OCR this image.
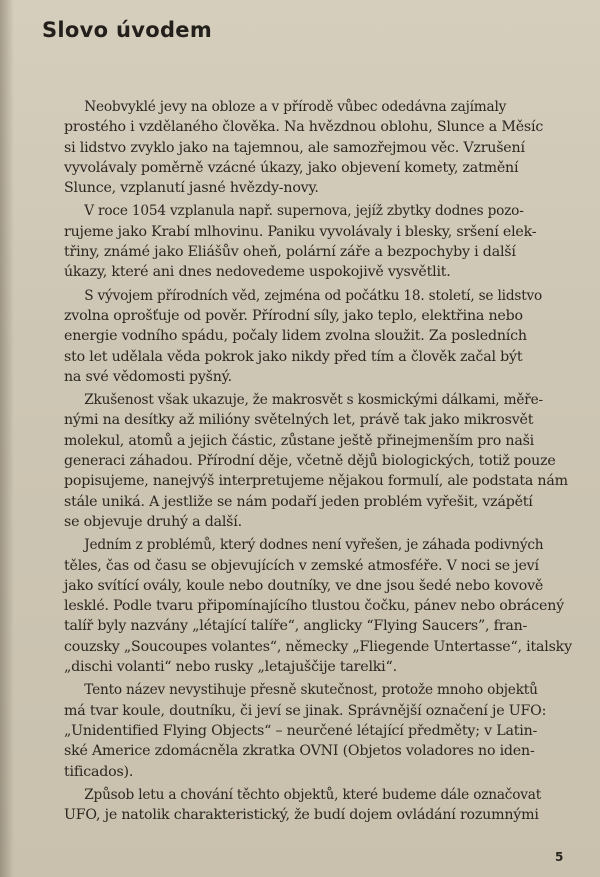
Slovo úvodem

Neobvyklé jevy na obloze a v přírodě vůbec odedávna zajímaly

prostého i vzdělaného člověka. Na hvězdnou oblohu, Slunce a Měsíc
si lidstvo zvyklo jako na tajemnou, ale samozřejmou věc. Vzrušení
vyvolávaly poměrně vzácné úkazy, jako objevení komety, zatmění
Slunce, vzplanutí jasné hvězdy-novy.

V roce 1054 vzplanula např. supernova, jejíž zbytky dodnes pozo-

rujeme jako Krabí mlhovinu. Paniku vyvolávaly i blesky, sršení elek-
třiny, známé jako Eliášův oheň, polární záře a bezpochyby i další
úkazy, které ani dnes nedovedeme uspokojivě vysvětlit.

S vývojem přírodních věd, zejména od počátku 18. století, se lidstvo

zvolna oprošťuje od pověr. Přírodní síly, jako teplo, elektřina nebo
energie vodního spádu, počaly lidem zvolna sloužit. Za posledních
sto let udělala věda pokrok jako nikdy před tím a člověk začal být
na své vědomosti pyšný.

Zkušenost však ukazuje, že makrosvět s kosmickými dálkami, měře-

nými na desítky až milióny světelných let, právě tak jako mikrosvět
molekul, atomů a jejich částic, zůstane ještě přinejmenším pro naši
generaci záhadou. Přírodní děje, včetně dějů biologických, totiž pouze
popisujeme, nanejvýš interpretujeme nějakou formulí, ale podstata nám
stále uniká. A jestliže se nám podaří jeden problém vyřešit, vzápětí
se objevuje druhý a další.

Jedním z problémů, který dodnes není vyřešen, je záhada podivných

těles, čas od času se objevujících v zemské atmosféře. V noci se jeví
jako svítící ovály, koule nebo doutníky, ve dne jsou šedé nebo kovově
lesklé. Podle tvaru připomínajícího tlustou čočku, pánev nebo obrácený
talíř byly nazvány „létající talíře“, anglicky “Flying Saucers”, fran-
couzsky „Soucoupes volantes“, německy „Fliegende Untertasse“, italsky
„dischi volanti“ nebo rusky „letajuščije tarelki“.

Tento název nevystihuje přesně skutečnost, protože mnoho objektů

má tvar koule, doutníku, či jeví se jinak. Správnější označení je UFO:
„Unidentified Flying Objects“ – neurčené létající předměty; v Latin-
ské Americe zdomácněla zkratka OVNI (Objetos voladores no iden-
tificados).

Způsob letu a chování těchto objektů, které budeme dále označovat

UFO, je natolik charakteristický, že budí dojem ovládání rozumnými

5
